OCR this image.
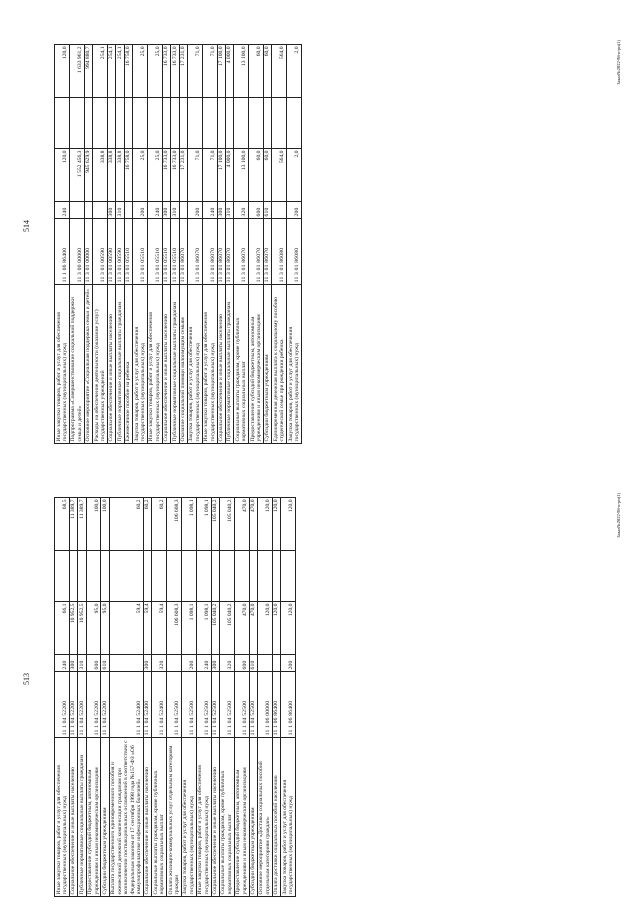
513
Иные закупки товаров, работ и услуг для обеспечения государственных (муниципальных) нужд	11 1 04 52200	240	66,1		68,5
Социальное обеспечение и иные выплаты населению	11 1 04 52200	300	10 952,5		11 389,7
Публичные нормативные социальные выплаты гражданам	11 1 04 52200	310	10 952,5		11 389,7
Предоставление субсидий бюджетным, автономным учреждениям и иным некоммерческим организациям	11 1 04 52200	600	95,0		100,0
Субсидии бюджетным учреждениям	11 1 04 52200	610	95,0		100,0
Выплата государственного единовременного пособия и ежемесячной денежной компенсации гражданам при возникновении поствакцинальных осложнений в соответствии с Федеральным законом от 17 сентября 1998 года №157-ФЗ «Об иммунопрофилактике инфекционных болезней»	11 1 04 52400		59,4		60,2
Социальное обеспечение и иные выплаты населению	11 1 04 52400	300	59,4		60,2
Социальные выплаты гражданам, кроме публичных нормативных социальных выплат	11 1 04 52400	320	59,4		60,2
Оплата жилищно-коммунальных услуг отдельным категориям граждан	11 1 04 52500		106 608,3		106 608,3
Закупка товаров, работ и услуг для обеспечения государственных (муниципальных) нужд	11 1 04 52500	200	1 098,1		1 098,1
Иные закупки товаров, работ и услуг для обеспечения государственных (муниципальных) нужд	11 1 04 52500	240	1 098,1		1 098,1
Социальное обеспечение и иные выплаты населению	11 1 04 52500	300	105 040,2		105 040,2
Социальные выплаты гражданам, кроме публичных нормативных социальных выплат	11 1 04 52500	320	105 040,2		105 040,2
Предоставление субсидий бюджетным, автономным учреждениям и иным некоммерческим организациям	11 1 04 52500	600	470,0		470,0
Субсидии бюджетным учреждениям	11 1 04 52500	610	470,0		470,0
Основное мероприятие «Доставка социальных пособий отдельным категориям граждан»	11 1 06 00000		120,0		120,0
Оплата доставки социальных пособий населению	11 1 06 86400		120,0		120,0
Закупка товаров, работ и услуг для обеспечения государственных (муниципальных) нужд	11 1 06 86400	200	120,0		120,0	Заказ№2022-98-п-рп(1)
514
Иные закупки товаров, работ и услуг для обеспечения государственных (муниципальных) нужд	11 1 06 86400	240	120,0		120,0
Подпрограмма «Совершенствование социальной поддержки семьи и детей»	11 3 00 00000		1 552 456,3		1 633 961,2
Основное мероприятие «Социальная поддержка семьи и детей»	11 3 01 00000		945 629,9		994 880,7
Расходы на обеспечение деятельности (оказание услуг) государственных учреждений	11 3 01 00590		338,8		254,1
Социальное обеспечение и иные выплаты населению	11 3 01 00590	300	338,8		254,1
Публичные нормативные социальные выплаты гражданам	11 3 01 00590	310	338,8		254,1
Ежемесячное пособие на ребенка	11 3 01 05510		16 758,0		16 758,0
Закупка товаров, работ и услуг для обеспечения государственных (муниципальных) нужд	11 3 01 05510	200	25,0		25,0
Иные закупки товаров, работ и услуг для обеспечения государственных (муниципальных) нужд	11 3 01 05510	240	25,0		25,0
Социальное обеспечение и иные выплаты населению	11 3 01 05510	300	16 733,0		16 733,0
Публичные нормативные социальные выплаты гражданам	11 3 01 05510	310	16 733,0		16 733,0
Оказание социальной помощи малоимущим семьям	11 3 01 86070		17 231,0		17 231,0
Закупка товаров, работ и услуг для обеспечения государственных (муниципальных) нужд	11 3 01 86070	200	71,0		71,0
Иные закупки товаров, работ и услуг для обеспечения государственных (муниципальных) нужд	11 3 01 86070	240	71,0		71,0
Социальное обеспечение и иные выплаты населению	11 3 01 86070	300	17 100,0		17 100,0
Публичные нормативные социальные выплаты гражданам	11 3 01 86070	310	4 000,0		4 000,0
Социальные выплаты гражданам, кроме публичных нормативных социальных выплат	11 3 01 86070	320	13 100,0		13 100,0
Предоставление субсидий бюджетным, автономным учреждениям и иным некоммерческим организациям	11 3 01 86070	600	60,0		60,0
Субсидии бюджетным учреждениям	11 3 01 86070	610	60,0		60,0
Единовременная денежная выплата к социальному пособию студенческой семье при рождении ребенка	11 3 01 86080		564,0		564,0
Закупка товаров, работ и услуг для обеспечения государственных (муниципальных) нужд	11 3 01 86080	200	2,0		2,0	Заказ№2022-98-п-рп(1)
